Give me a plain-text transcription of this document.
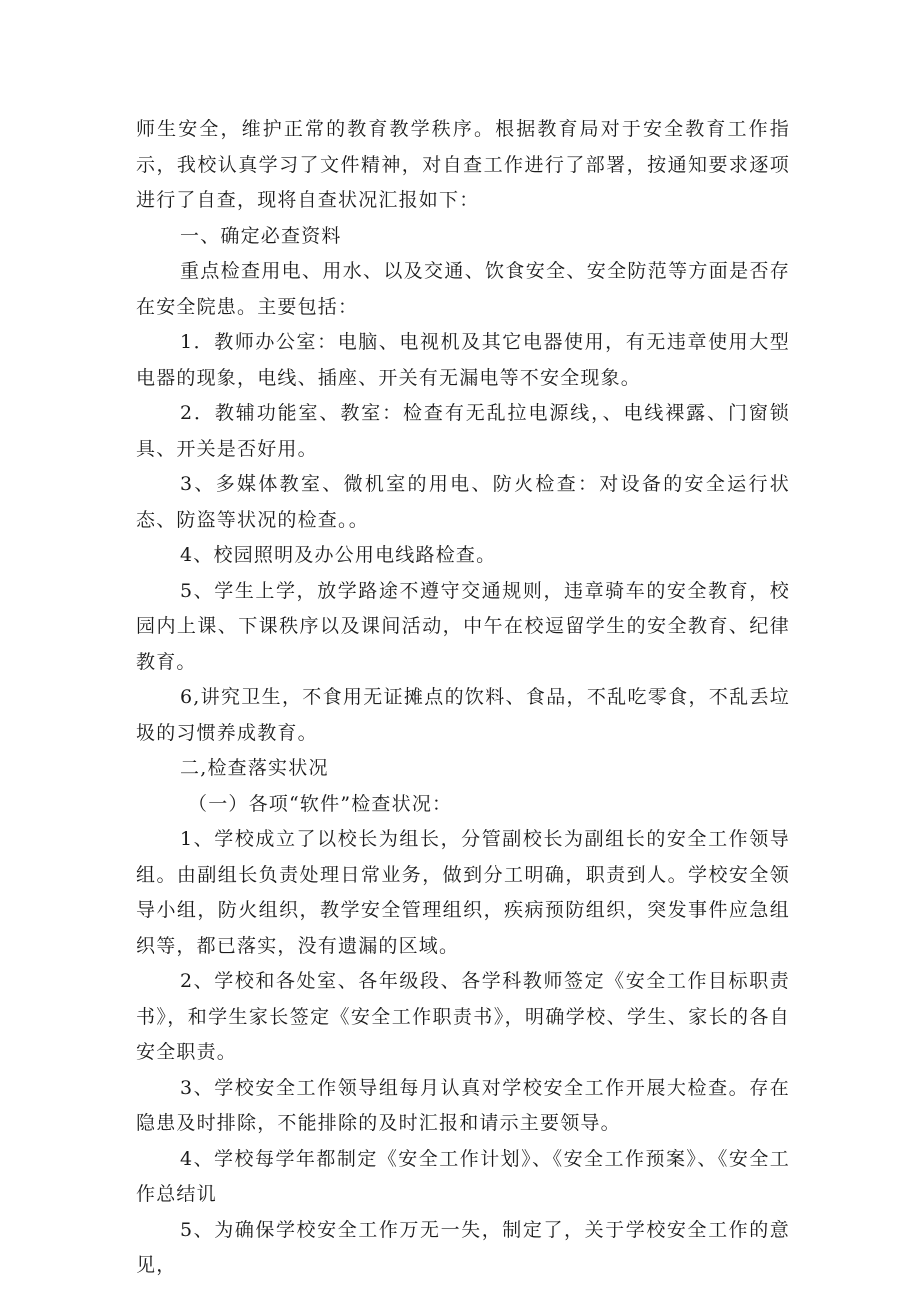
师生安全，维护正常的教育教学秩序。根据教育局对于安全教育工作指示，我校认真学习了文件精神，对自查工作进行了部署，按通知要求逐项进行了自查，现将自查状况汇报如下：

一、确定必查资料

重点检查用电、用水、以及交通、饮食安全、安全防范等方面是否存在安全院患。主要包括：

1．教师办公室：电脑、电视机及其它电器使用，有无违章使用大型电器的现象，电线、插座、开关有无漏电等不安全现象。

2．教辅功能室、教室：检查有无乱拉电源线，、电线裸露、门窗锁具、开关是否好用。

3、多媒体教室、微机室的用电、防火检查：对设备的安全运行状态、防盗等状况的检查。。

4、校园照明及办公用电线路检查。

5、学生上学，放学路途不遵守交通规则，违章骑车的安全教育，校园内上课、下课秩序以及课间活动，中午在校逗留学生的安全教育、纪律教育。

6,讲究卫生，不食用无证摊点的饮料、食品，不乱吃零食，不乱丢垃圾的习惯养成教育。

二,检查落实状况

（一）各项“软件”检查状况：

1、学校成立了以校长为组长，分管副校长为副组长的安全工作领导组。由副组长负责处理日常业务，做到分工明确，职责到人。学校安全领导小组，防火组织，教学安全管理组织，疾病预防组织，突发事件应急组织等，都已落实，没有遗漏的区域。

2、学校和各处室、各年级段、各学科教师签定《安全工作目标职责书》，和学生家长签定《安全工作职责书》，明确学校、学生、家长的各自安全职责。

3、学校安全工作领导组每月认真对学校安全工作开展大检查。存在隐患及时排除，不能排除的及时汇报和请示主要领导。

4、学校每学年都制定《安全工作计划》、《安全工作预案》、《安全工作总结讥

5、为确保学校安全工作万无一失，制定了，关于学校安全工作的意见，
